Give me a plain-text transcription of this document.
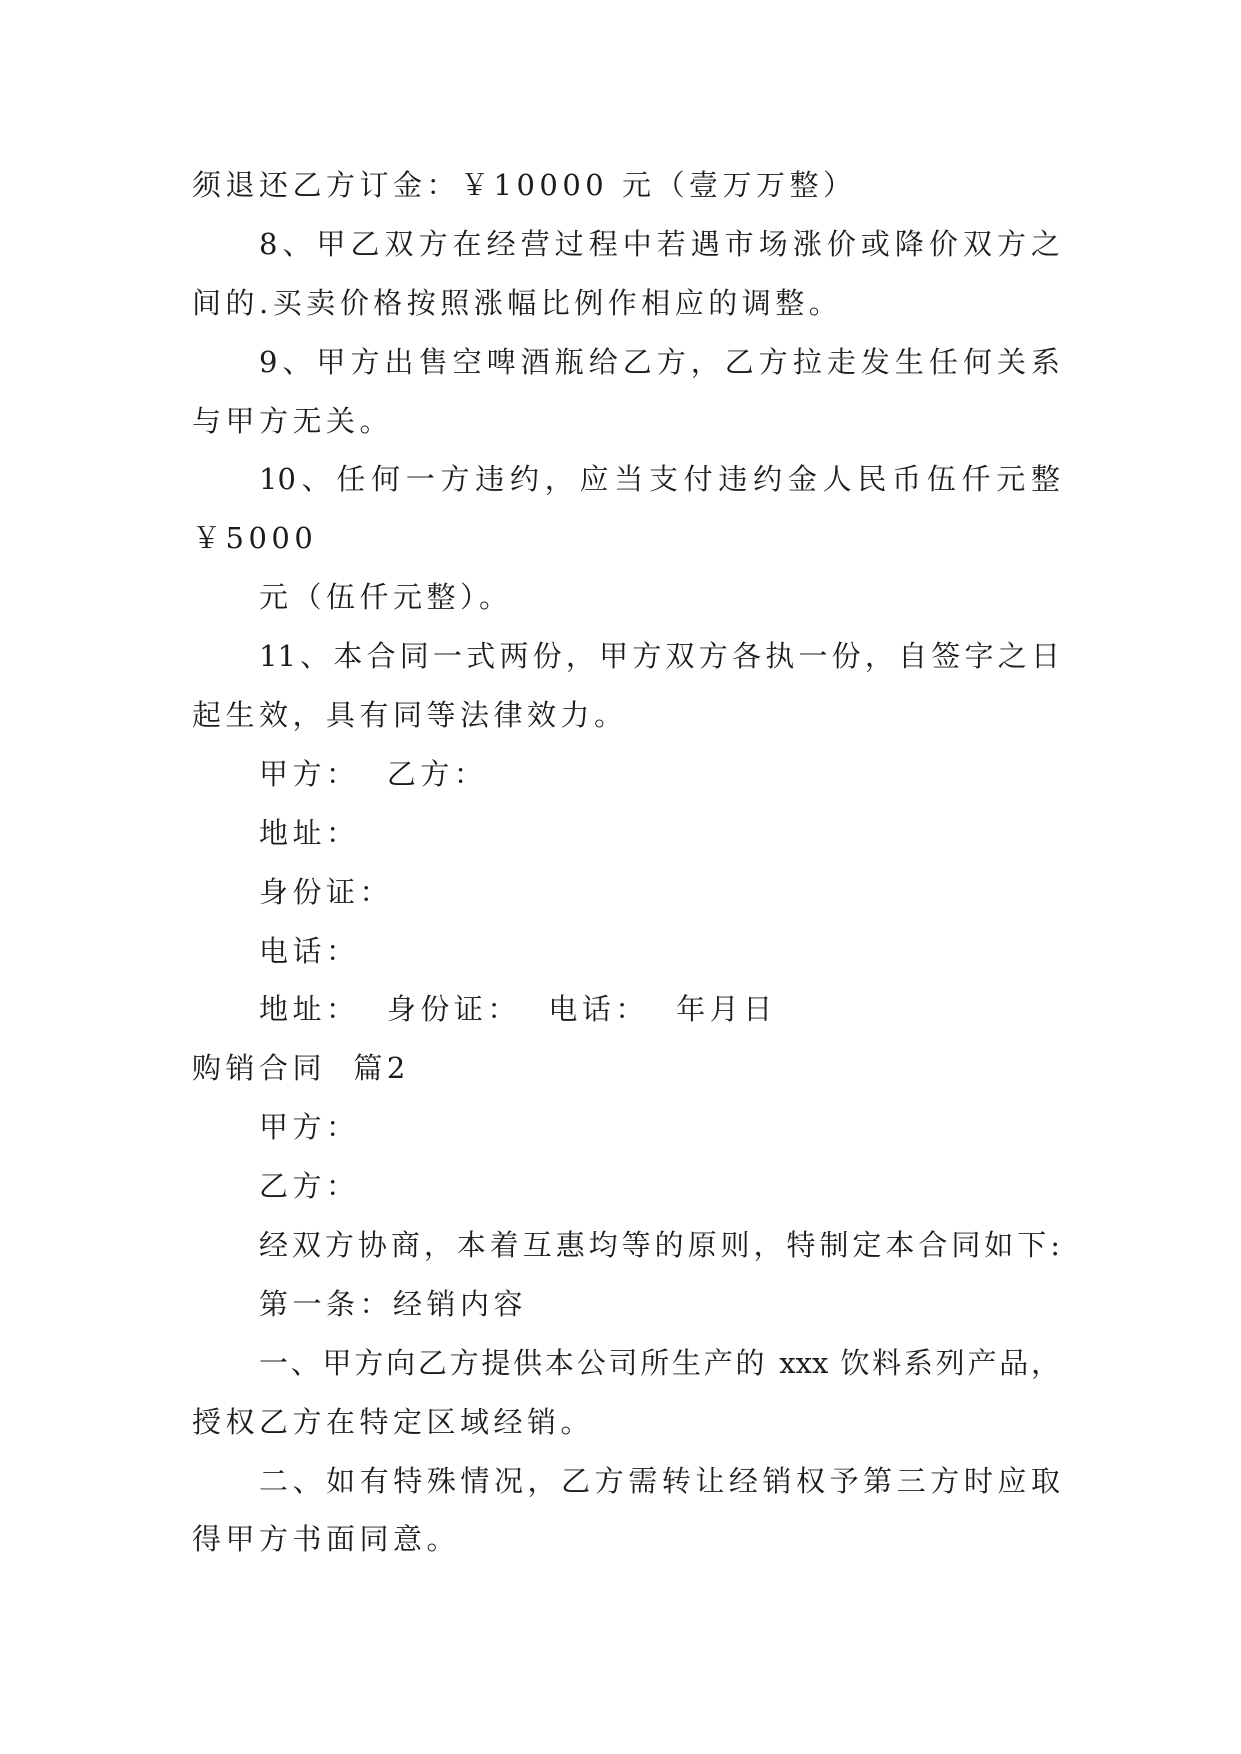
须退还乙方订金：￥10000 元（壹万万整）
8、甲乙双方在经营过程中若遇市场涨价或降价双方之
间的.买卖价格按照涨幅比例作相应的调整。
9、甲方出售空啤酒瓶给乙方，乙方拉走发生任何关系
与甲方无关。
10、任何一方违约，应当支付违约金人民币伍仟元整
￥5000
元（伍仟元整）。
11、本合同一式两份，甲方双方各执一份，自签字之日
起生效，具有同等法律效力。
甲方：  乙方：
地址：
身份证：
电话：
地址：  身份证：  电话：  年月日
购销合同  篇2
甲方：
乙方：
经双方协商，本着互惠均等的原则，特制定本合同如下:
第一条：经销内容
一、甲方向乙方提供本公司所生产的 xxx 饮料系列产品，
授权乙方在特定区域经销。
二、如有特殊情况，乙方需转让经销权予第三方时应取
得甲方书面同意。
